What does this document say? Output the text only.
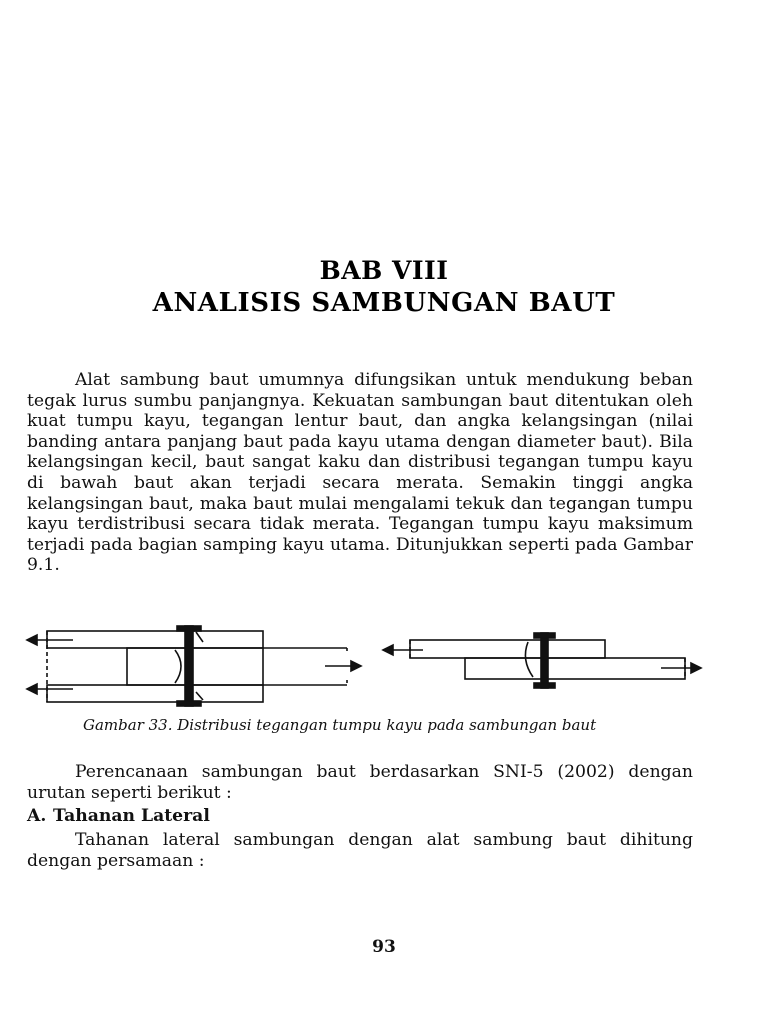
BAB VIII
ANALISIS SAMBUNGAN BAUT
Alat sambung baut umumnya difungsikan untuk mendukung beban tegak lurus sumbu panjangnya. Kekuatan sambungan baut ditentukan oleh kuat tumpu kayu, tegangan lentur baut, dan angka kelangsingan (nilai banding antara panjang baut pada kayu utama dengan diameter baut). Bila kelangsingan kecil, baut sangat kaku dan distribusi tegangan tumpu kayu di bawah baut akan terjadi secara merata. Semakin tinggi angka kelangsingan baut, maka baut mulai mengalami tekuk dan tegangan tumpu kayu terdistribusi secara tidak merata. Tegangan tumpu kayu maksimum terjadi pada bagian samping kayu utama. Ditunjukkan seperti pada Gambar 9.1.
Gambar 33. Distribusi tegangan tumpu kayu pada sambungan baut
Perencanaan sambungan baut berdasarkan SNI-5 (2002) dengan urutan seperti berikut :
A. Tahanan Lateral
Tahanan lateral sambungan dengan alat sambung baut dihitung dengan persamaan :
93
